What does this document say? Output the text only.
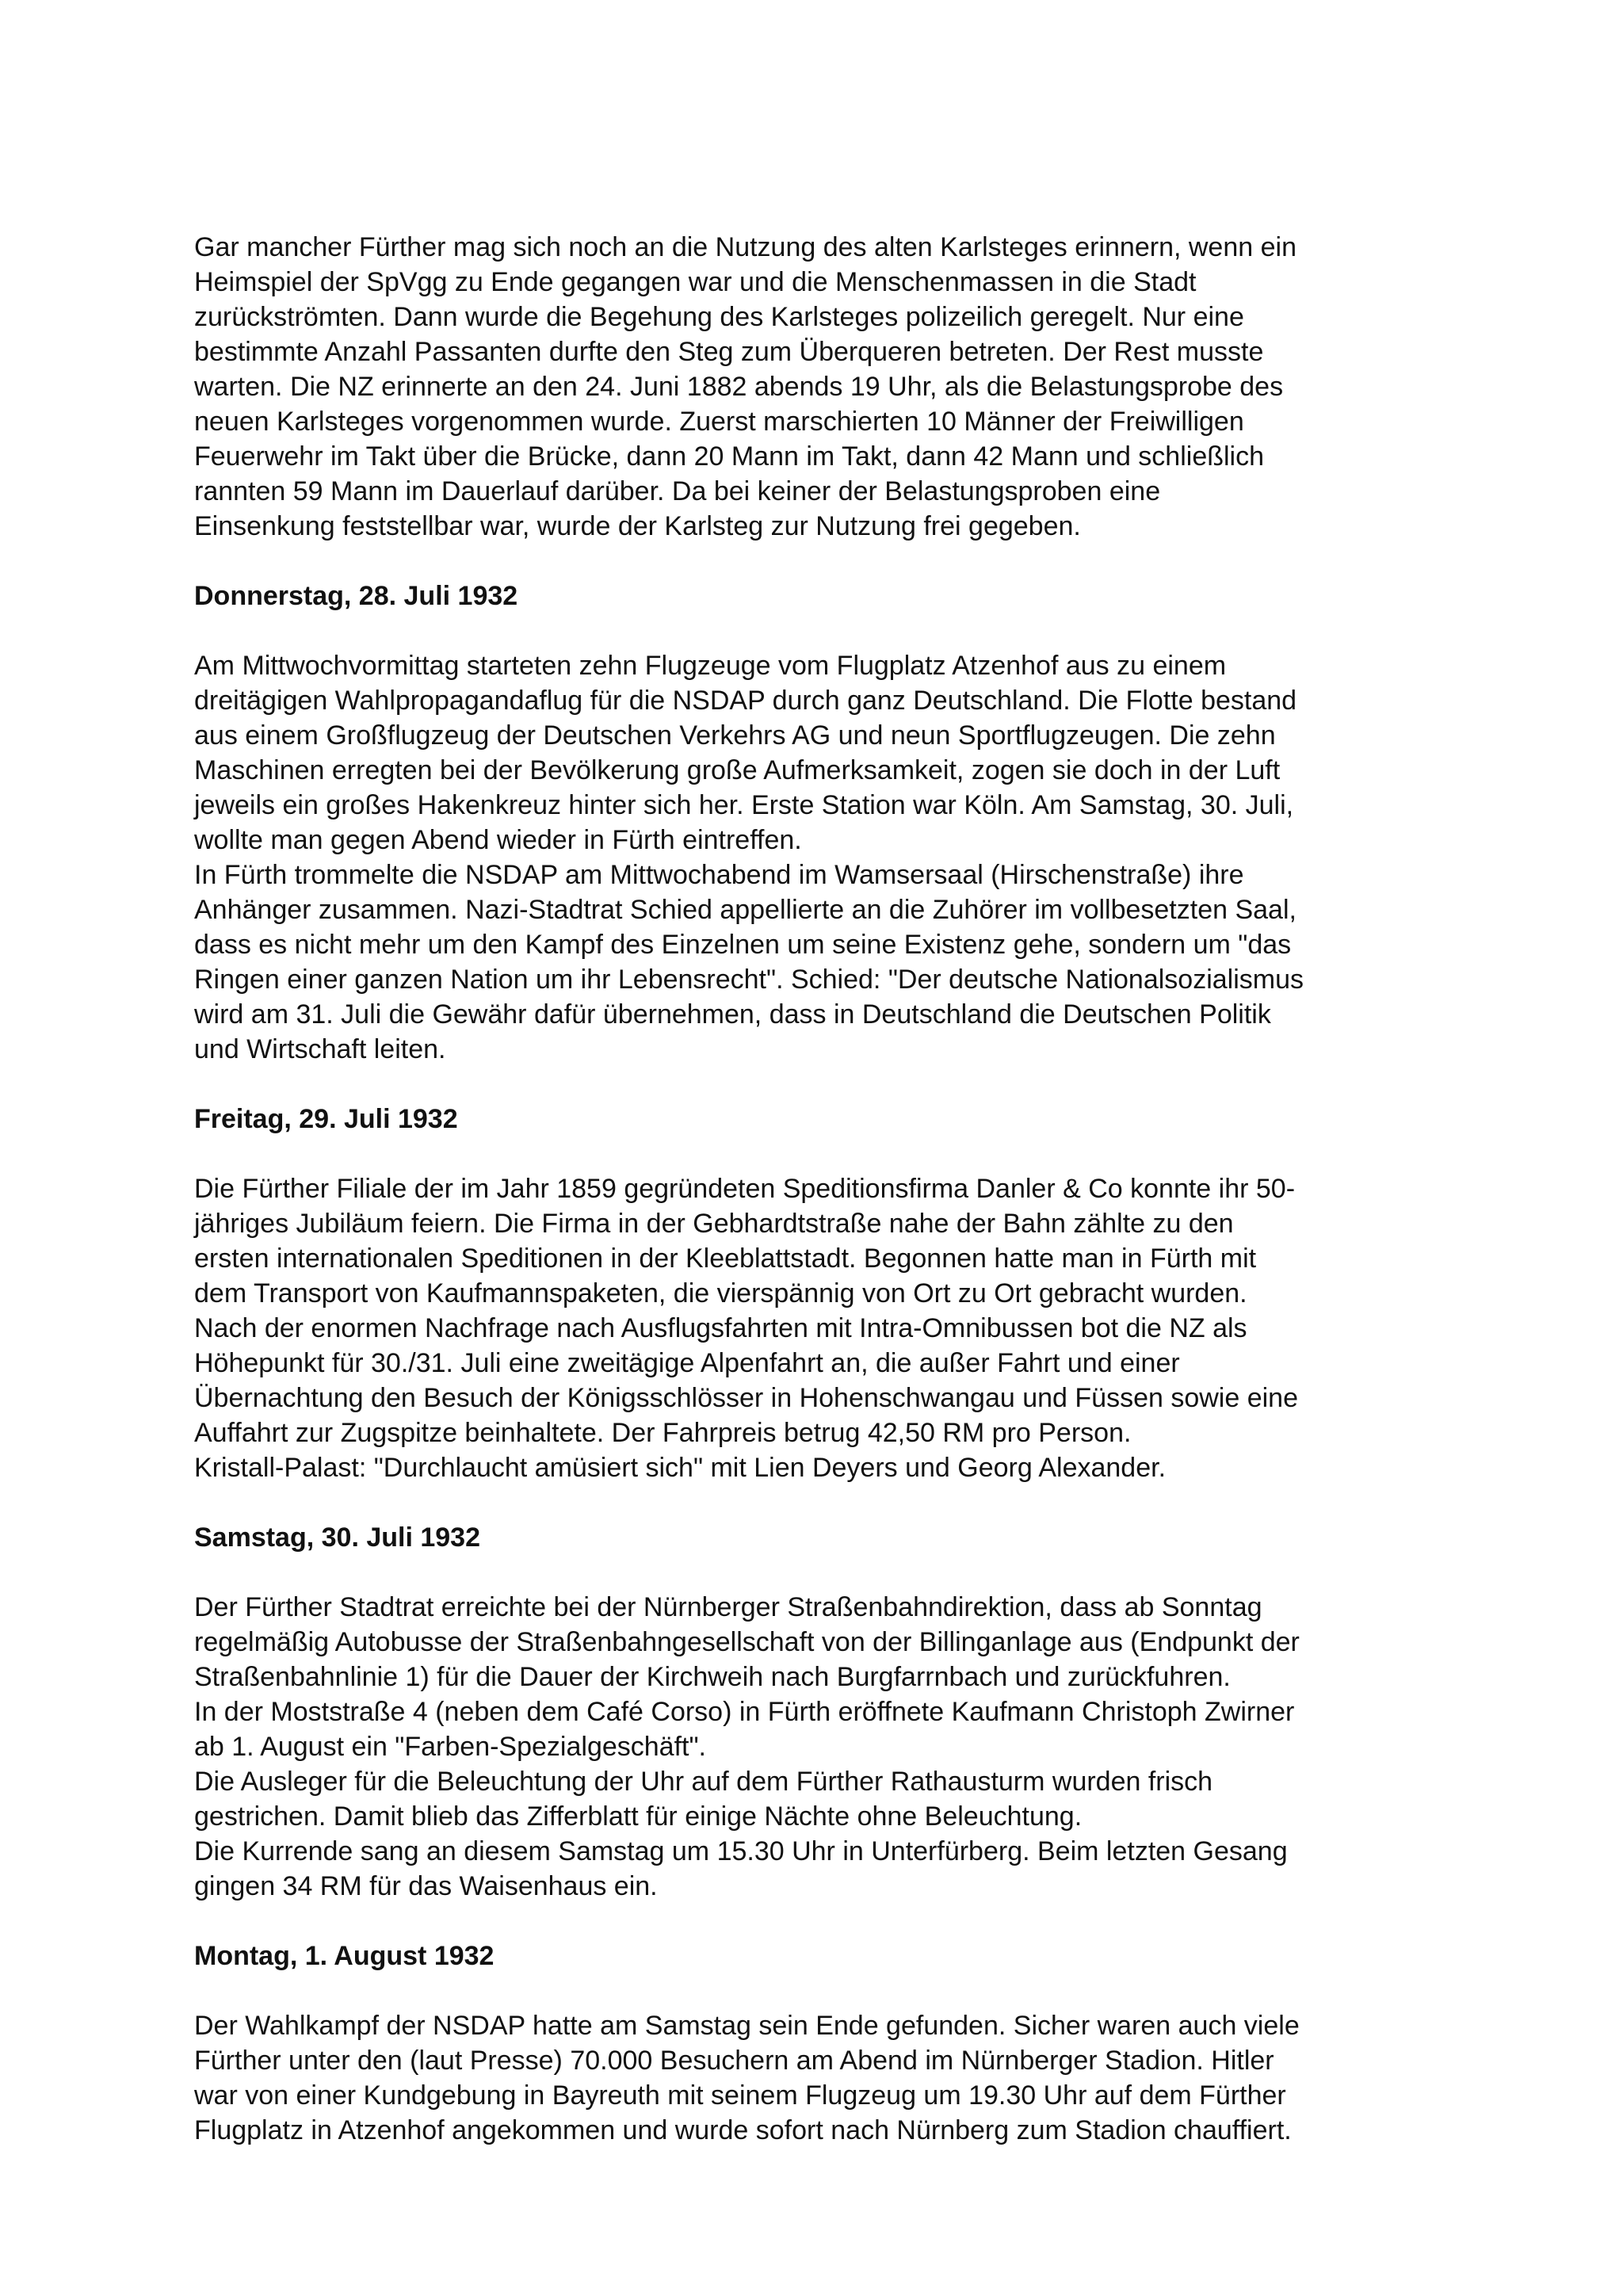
Gar mancher Fürther mag sich noch an die Nutzung des alten Karlsteges erinnern, wenn ein
Heimspiel der SpVgg zu Ende gegangen war und die Menschenmassen in die Stadt
zurückströmten. Dann wurde die Begehung des Karlsteges polizeilich geregelt. Nur eine
bestimmte Anzahl Passanten durfte den Steg zum Überqueren betreten. Der Rest musste
warten. Die NZ erinnerte an den 24. Juni 1882 abends 19 Uhr, als die Belastungsprobe des
neuen Karlsteges vorgenommen wurde. Zuerst marschierten 10 Männer der Freiwilligen
Feuerwehr im Takt über die Brücke, dann 20 Mann im Takt, dann 42 Mann und schließlich
rannten 59 Mann im Dauerlauf darüber. Da bei keiner der Belastungsproben eine
Einsenkung feststellbar war, wurde der Karlsteg zur Nutzung frei gegeben.
Donnerstag, 28. Juli 1932
Am Mittwochvormittag starteten zehn Flugzeuge vom Flugplatz Atzenhof aus zu einem
dreitägigen Wahlpropagandaflug für die NSDAP durch ganz Deutschland. Die Flotte bestand
aus einem Großflugzeug der Deutschen Verkehrs AG und neun Sportflugzeugen. Die zehn
Maschinen erregten bei der Bevölkerung große Aufmerksamkeit, zogen sie doch in der Luft
jeweils ein großes Hakenkreuz hinter sich her. Erste Station war Köln. Am Samstag, 30. Juli,
wollte man gegen Abend wieder in Fürth eintreffen.
In Fürth trommelte die NSDAP am Mittwochabend im Wamsersaal (Hirschenstraße) ihre
Anhänger zusammen. Nazi-Stadtrat Schied appellierte an die Zuhörer im vollbesetzten Saal,
dass es nicht mehr um den Kampf des Einzelnen um seine Existenz gehe, sondern um "das
Ringen einer ganzen Nation um ihr Lebensrecht". Schied: "Der deutsche Nationalsozialismus
wird am 31. Juli die Gewähr dafür übernehmen, dass in Deutschland die Deutschen Politik
und Wirtschaft leiten.
Freitag, 29. Juli 1932
Die Fürther Filiale der im Jahr 1859 gegründeten Speditionsfirma Danler & Co konnte ihr 50-
jähriges Jubiläum feiern. Die Firma in der Gebhardtstraße nahe der Bahn zählte zu den
ersten internationalen Speditionen in der Kleeblattstadt. Begonnen hatte man in Fürth mit
dem Transport von Kaufmannspaketen, die vierspännig von Ort zu Ort gebracht wurden.
Nach der enormen Nachfrage nach Ausflugsfahrten mit Intra-Omnibussen bot die NZ als
Höhepunkt für 30./31. Juli eine zweitägige Alpenfahrt an, die außer Fahrt und einer
Übernachtung den Besuch der Königsschlösser in Hohenschwangau und Füssen sowie eine
Auffahrt zur Zugspitze beinhaltete. Der Fahrpreis betrug 42,50 RM pro Person.
Kristall-Palast: "Durchlaucht amüsiert sich" mit Lien Deyers und Georg Alexander.
Samstag, 30. Juli 1932
Der Fürther Stadtrat erreichte bei der Nürnberger Straßenbahndirektion, dass ab Sonntag
regelmäßig Autobusse der Straßenbahngesellschaft von der Billinganlage aus (Endpunkt der
Straßenbahnlinie 1) für die Dauer der Kirchweih nach Burgfarrnbach und zurückfuhren.
In der Moststraße 4 (neben dem Café Corso) in Fürth eröffnete Kaufmann Christoph Zwirner
ab 1. August ein "Farben-Spezialgeschäft".
Die Ausleger für die Beleuchtung der Uhr auf dem Fürther Rathausturm wurden frisch
gestrichen. Damit blieb das Zifferblatt für einige Nächte ohne Beleuchtung.
Die Kurrende sang an diesem Samstag um 15.30 Uhr in Unterfürberg. Beim letzten Gesang
gingen 34 RM für das Waisenhaus ein.
Montag, 1. August 1932
Der Wahlkampf der NSDAP hatte am Samstag sein Ende gefunden. Sicher waren auch viele
Fürther unter den (laut Presse) 70.000 Besuchern am Abend im Nürnberger Stadion. Hitler
war von einer Kundgebung in Bayreuth mit seinem Flugzeug um 19.30 Uhr auf dem Fürther
Flugplatz in Atzenhof angekommen und wurde sofort nach Nürnberg zum Stadion chauffiert.
